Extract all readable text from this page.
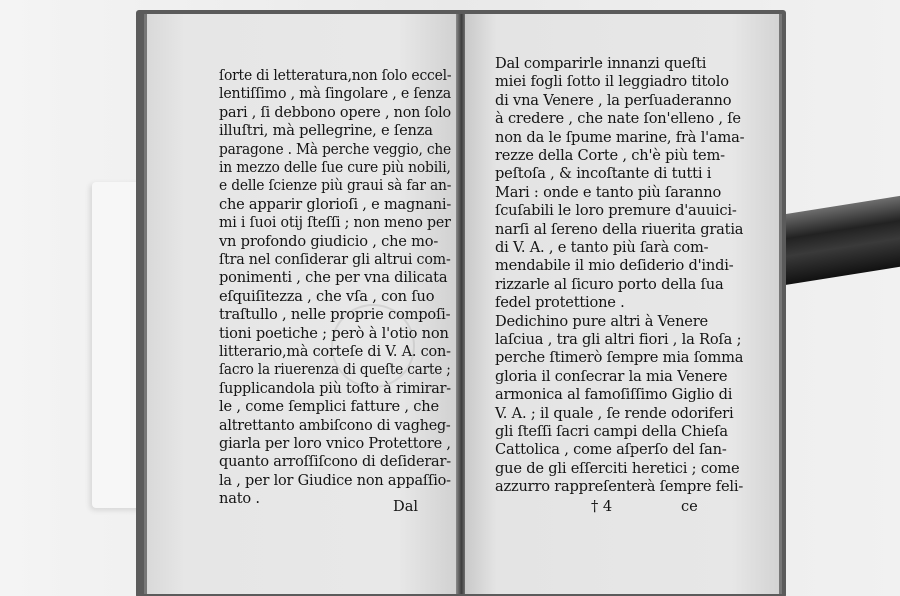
ſorte di letteratura,non ſolo eccel-
lentiſſimo , mà ſingolare , e ſenza
pari , ſi debbono opere , non ſolo
illuſtri, mà pellegrine, e ſenza
paragone . Mà perche veggio, che
in mezzo delle ſue cure più nobili,
e delle ſcienze più graui sà far an-
che apparir glorioſi , e magnani-
mi i ſuoi otij ſteſſi ; non meno per
vn profondo giudicio , che mo-
ſtra nel conſiderar gli altrui com-
ponimenti , che per vna dilicata
eſquiſitezza , che vſa , con ſuo
traſtullo , nelle proprie compoſi-
tioni poetiche ; però à l'otio non
litterario,mà corteſe di V. A. con-
ſacro la riuerenza di queſte carte ;
ſupplicandola più toſto à rimirar-
le , come ſemplici fatture , che
altrettanto ambiſcono di vagheg-
giarla per loro vnico Protettore ,
quanto arroſſiſcono di deſiderar-
la , per lor Giudice non appaſſio-
nato .	Dal
Dal comparirle innanzi queſti
miei fogli ſotto il leggiadro titolo
di vna Venere , la perſuaderanno
à credere , che nate ſon'elleno , ſe
non da le ſpume marine, frà l'ama-
rezze della Corte , ch'è più tem-
peſtoſa , & incoſtante di tutti i
Mari : onde e tanto più ſaranno
ſcuſabili le loro premure d'auuici-
narſi al ſereno della riuerita gratia
di V. A. , e tanto più ſarà com-
mendabile il mio deſiderio d'indi-
rizzarle al ſicuro porto della ſua
fedel protettione .
Dedichino pure altri à Venere
laſciua , tra gli altri fiori , la Roſa ;
perche ſtimerò ſempre mia ſomma
gloria il conſecrar la mia Venere
armonica al famoſiſſimo Giglio di
V. A. ; il quale , ſe rende odoriferi
gli ſteſſi ſacri campi della Chieſa
Cattolica , come aſperſo del ſan-
gue de gli eſſerciti heretici ; come
azzurro rappreſenterà ſempre feli-
† 4	ce
